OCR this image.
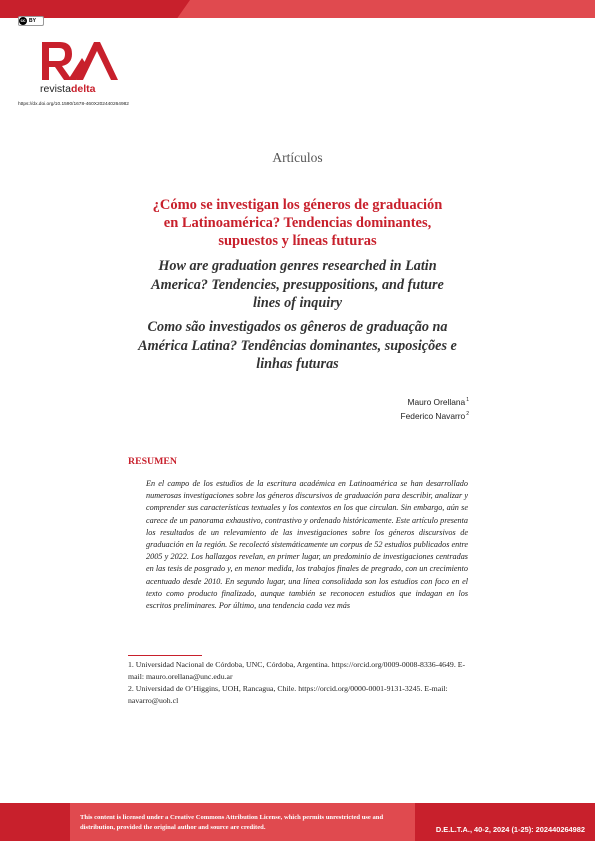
revistadelta
https://dx.doi.org/10.1590/1678-460X202440264982
Artículos
¿Cómo se investigan los géneros de graduación
en Latinoamérica? Tendencias dominantes,
supuestos y líneas futuras
How are graduation genres researched in Latin
America? Tendencies, presuppositions, and future
lines of inquiry
Como são investigados os gêneros de graduação na
América Latina? Tendências dominantes, suposições e
linhas futuras
Mauro Orellana$^1$
Federico Navarro$^2$
RESUMEN
En el campo de los estudios de la escritura académica en Latinoamérica se han desarrollado numerosas investigaciones sobre los géneros discursivos de graduación para describir, analizar y comprender sus características textuales y los contextos en los que circulan. Sin embargo, aún se carece de un panorama exhaustivo, contrastivo y ordenado históricamente. Este artículo presenta los resultados de un relevamiento de las investigaciones sobre los géneros discursivos de graduación en la región. Se recolectó sistemáticamente un corpus de 52 estudios publicados entre 2005 y 2022. Los hallazgos revelan, en primer lugar, un predominio de investigaciones centradas en las tesis de posgrado y, en menor medida, los trabajos finales de pregrado, con un crecimiento acentuado desde 2010. En segundo lugar, una línea consolidada son los estudios con foco en el texto como producto finalizado, aunque también se reconocen estudios que indagan en los escritos preliminares. Por último, una tendencia cada vez más
1. Universidad Nacional de Córdoba, UNC, Córdoba, Argentina. https://orcid.org/0009-0008-8336-4649. E-mail: mauro.orellana@unc.edu.ar
2. Universidad de O’Higgins, UOH, Rancagua, Chile. https://orcid.org/0000-0001-9131-3245. E-mail: navarro@uoh.cl
cc BY
This content is licensed under a Creative Commons Attribution License, which permits unrestricted use and distribution, provided the original author and source are credited.	D.E.L.T.A., 40-2, 2024 (1-25): 202440264982
